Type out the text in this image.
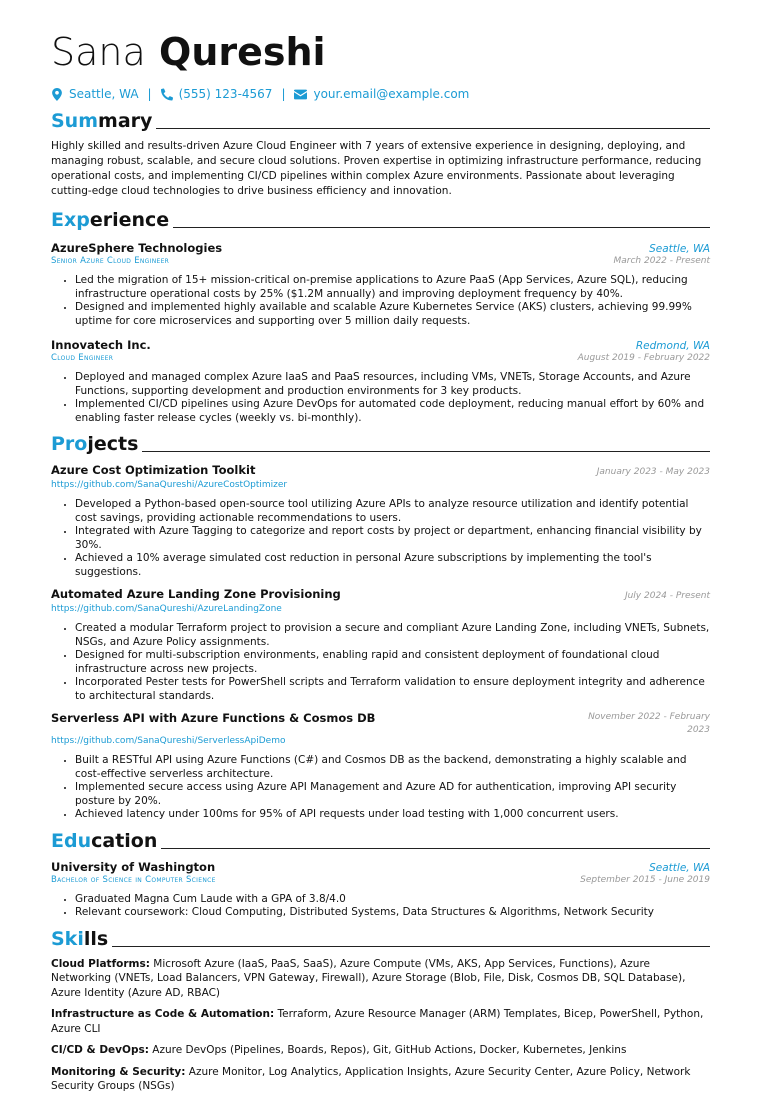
Sana Qureshi
Seattle, WA | (555) 123-4567 | your.email@example.com
Summary

Highly skilled and results-driven Azure Cloud Engineer with 7 years of extensive experience in designing, deploying, and managing robust, scalable, and secure cloud solutions. Proven expertise in optimizing infrastructure performance, reducing operational costs, and implementing CI/CD pipelines within complex Azure environments. Passionate about leveraging cutting-edge cloud technologies to drive business efficiency and innovation.

Experience
AzureSphere Technologies	Seattle, WA
Senior Azure Cloud Engineer	March 2022 - Present
• Led the migration of 15+ mission-critical on-premise applications to Azure PaaS (App Services, Azure SQL), reducing infrastructure operational costs by 25% ($1.2M annually) and improving deployment frequency by 40%.
• Designed and implemented highly available and scalable Azure Kubernetes Service (AKS) clusters, achieving 99.99% uptime for core microservices and supporting over 5 million daily requests.
Innovatech Inc.	Redmond, WA
Cloud Engineer	August 2019 - February 2022
• Deployed and managed complex Azure IaaS and PaaS resources, including VMs, VNETs, Storage Accounts, and Azure Functions, supporting development and production environments for 3 key products.
• Implemented CI/CD pipelines using Azure DevOps for automated code deployment, reducing manual effort by 60% and enabling faster release cycles (weekly vs. bi-monthly).
Projects
Azure Cost Optimization Toolkit	January 2023 - May 2023
https://github.com/SanaQureshi/AzureCostOptimizer
• Developed a Python-based open-source tool utilizing Azure APIs to analyze resource utilization and identify potential cost savings, providing actionable recommendations to users.
• Integrated with Azure Tagging to categorize and report costs by project or department, enhancing financial visibility by 30%.
• Achieved a 10% average simulated cost reduction in personal Azure subscriptions by implementing the tool's suggestions.
Automated Azure Landing Zone Provisioning	July 2024 - Present
https://github.com/SanaQureshi/AzureLandingZone
• Created a modular Terraform project to provision a secure and compliant Azure Landing Zone, including VNETs, Subnets, NSGs, and Azure Policy assignments.
• Designed for multi-subscription environments, enabling rapid and consistent deployment of foundational cloud infrastructure across new projects.
• Incorporated Pester tests for PowerShell scripts and Terraform validation to ensure deployment integrity and adherence to architectural standards.
Serverless API with Azure Functions & Cosmos DB	November 2022 - February
2023
https://github.com/SanaQureshi/ServerlessApiDemo
• Built a RESTful API using Azure Functions (C#) and Cosmos DB as the backend, demonstrating a highly scalable and cost-effective serverless architecture.
• Implemented secure access using Azure API Management and Azure AD for authentication, improving API security posture by 20%.
• Achieved latency under 100ms for 95% of API requests under load testing with 1,000 concurrent users.
Education
University of Washington	Seattle, WA
Bachelor of Science in Computer Science	September 2015 - June 2019
• Graduated Magna Cum Laude with a GPA of 3.8/4.0
• Relevant coursework: Cloud Computing, Distributed Systems, Data Structures & Algorithms, Network Security
Skills
Cloud Platforms: Microsoft Azure (IaaS, PaaS, SaaS), Azure Compute (VMs, AKS, App Services, Functions), Azure Networking (VNETs, Load Balancers, VPN Gateway, Firewall), Azure Storage (Blob, File, Disk, Cosmos DB, SQL Database), Azure Identity (Azure AD, RBAC)
Infrastructure as Code & Automation: Terraform, Azure Resource Manager (ARM) Templates, Bicep, PowerShell, Python, Azure CLI
CI/CD & DevOps: Azure DevOps (Pipelines, Boards, Repos), Git, GitHub Actions, Docker, Kubernetes, Jenkins
Monitoring & Security: Azure Monitor, Log Analytics, Application Insights, Azure Security Center, Azure Policy, Network Security Groups (NSGs)
